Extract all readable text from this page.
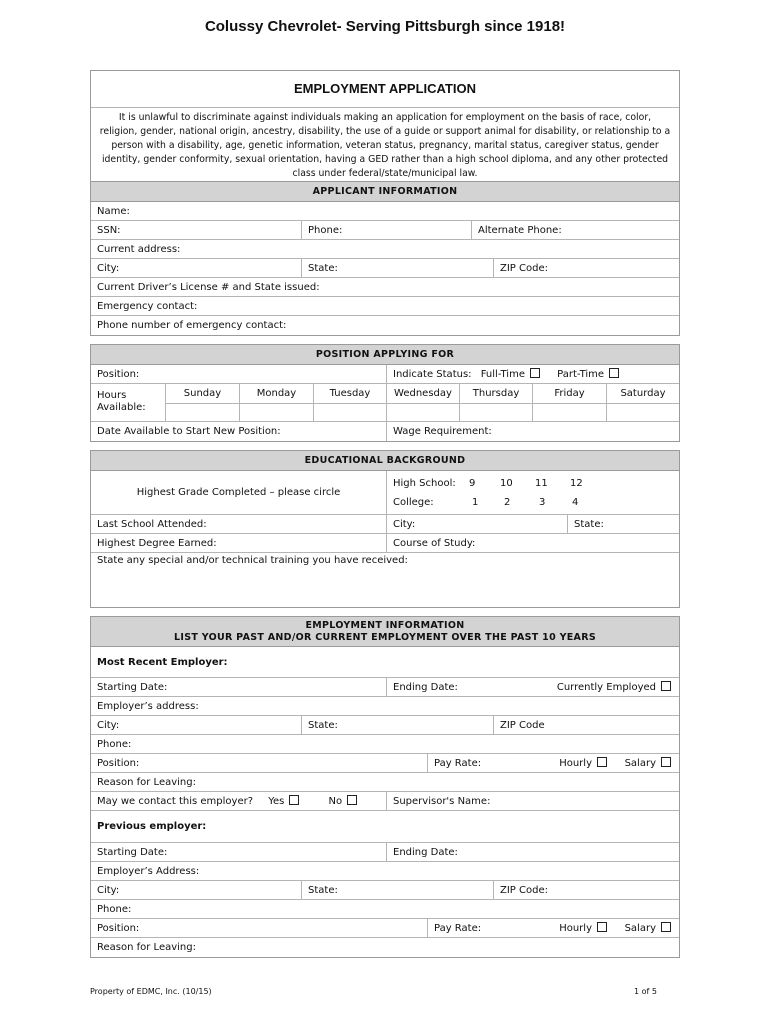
Colussy Chevrolet- Serving Pittsburgh since 1918!
EMPLOYMENT APPLICATION
It is unlawful to discriminate against individuals making an application for employment on the basis of race, color, religion, gender, national origin, ancestry, disability, the use of a guide or support animal for disability, or relationship to a person with a disability, age, genetic information, veteran status, pregnancy, marital status, caregiver status, gender identity, gender conformity, sexual orientation, having a GED rather than a high school diploma, and any other protected class under federal/state/municipal law.
APPLICANT INFORMATION
Name:
SSN:	Phone:	Alternate Phone:
Current address:
City:	State:	ZIP Code:
Current Driver’s License # and State issued:
Emergency contact:
Phone number of emergency contact:
POSITION APPLYING FOR
Position:	Indicate Status: Full-Time	Part-Time
Hours Available:
Sunday	Monday	Tuesday	Wednesday	Thursday	Friday	Saturday
Date Available to Start New Position:	Wage Requirement:
EDUCATIONAL BACKGROUND
Highest Grade Completed – please circle
High School: 9 10 11 12
College:	1	2	3	4
Last School Attended:	City:	State:
Highest Degree Earned:	Course of Study:
State any special and/or technical training you have received:
EMPLOYMENT INFORMATION
LIST YOUR PAST AND/OR CURRENT EMPLOYMENT OVER THE PAST 10 YEARS
Most Recent Employer:
Starting Date:	Ending Date:	Currently Employed
Employer’s address:
City:	State:	ZIP Code
Phone:
Position:	Pay Rate:	Hourly	Salary
Reason for Leaving:
May we contact this employer? Yes	No	Supervisor's Name:
Previous employer:
Starting Date:	Ending Date:
Employer’s Address:
City:	State:	ZIP Code:
Phone:
Position:	Pay Rate:	Hourly	Salary
Reason for Leaving:
Property of EDMC, Inc. (10/15)	1 of 5
